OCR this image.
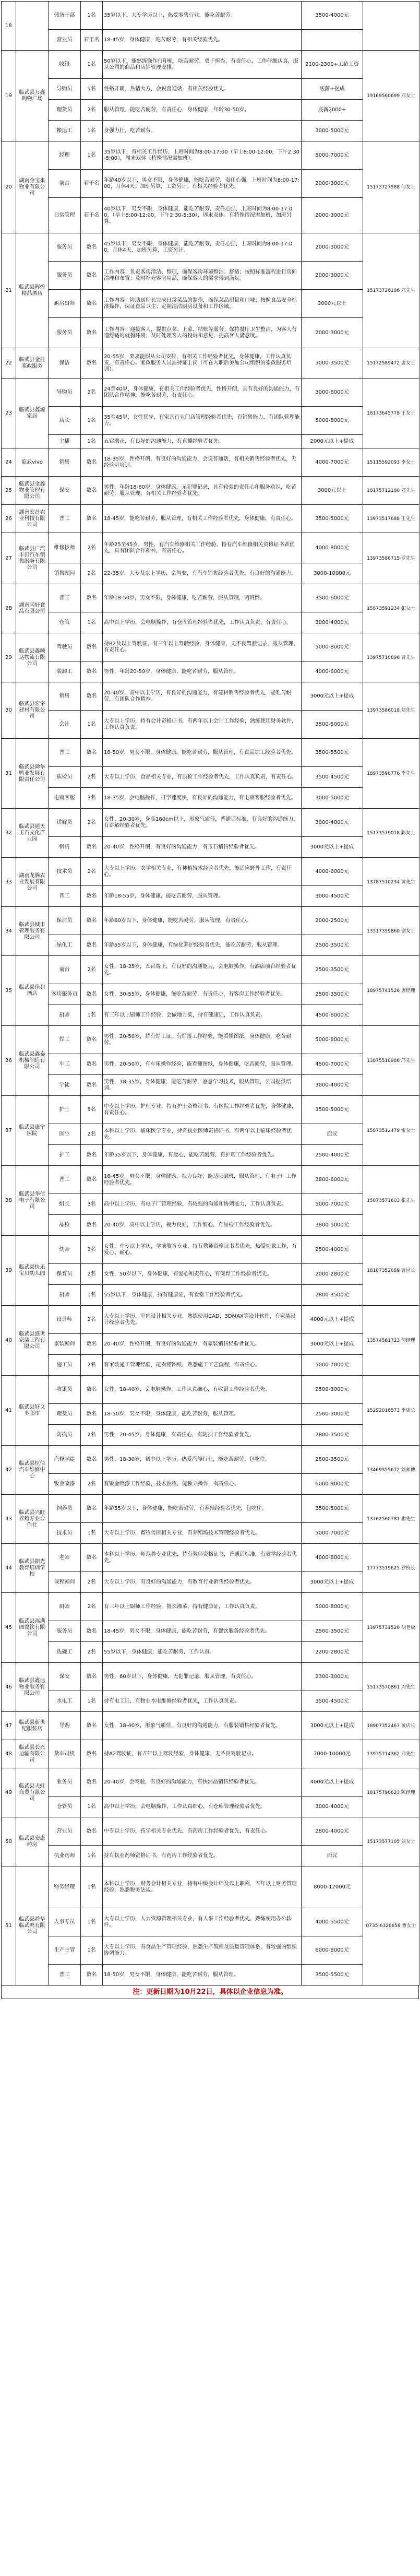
18		储备干部	1名	35岁以下，大专学历以上，热爱零售行业，能吃苦耐劳。	3500-4000元	
		营业员	若干名	18-45岁，身体健康，吃苦耐劳，有相关经验优先。		
19	临武县万鑫购物广场	收银	1名	50岁以下，能熟练操作打印机，吃苦耐劳，勇于担当，有责任心，工作仔细认真，服从公司的商品和店铺管理安排。	2100-2300+工龄工资	19169560699 邓女士
		导购员	5名	性格开朗，热情大方，会说普通话，有相关经验优先。	底薪+提成	
		理货员	2名	服从管理，能吃苦耐劳，有责任心，身体健康，年龄30-50岁。	底薪2000+	
		搬运工	1名	身强力壮，吃苦耐劳。	3000-5000元	
20	湖南金宝来物业有限公司	经理	1名	35岁以下，有相关工作经历，上班时间为8:00-17:00（早上8:00-12:00，下午2:30-5:00），周末双休（特殊情况需加班）。	5000-7000元	15173727588 何女士
		前台	若干名	年龄40岁以下，男女不限，身体健康，能吃苦耐劳，责任心强，上班时间为8:00-17:00，月休4天。加班另算，工资另计。有相关经验者优先。	2000-3000元	
		日常管理	若干名	40岁以下，男女不限，身体健康，能吃苦耐劳，责任心强，上班时间为8:00-17:00，（早上8:00-12:00，下午2:30-5:30），周末双休。有特殊情况需加班，加班另算。	2000-3000元	
21	临武县辉煌精品酒店	服务员	数名	45岁以下，男女不限，身体健康，能吃苦耐劳，责任心强，上班时间为8:00-17:00，月休4天，加班另算，工资另计。	2000-3000元	15173726186 邓先生
		服务员	数名	工作内容：负责客房清洁、整理，确保客房环境整洁、舒适；按照标准流程进行房间清理和布置；及时补充客房用品，确保客人的需求得到满足。	2000-3000元	
		厨房厨师	数名	工作内容：协助厨师长完成日常菜品的制作，确保菜品质量和口味；按照食品安全标准操作，保证食品卫生；定期清洁厨房设备和工作区域。	3000元以上	
		服务员	数名	工作内容：迎接客人，提供点菜、上菜、结账等服务；保持餐厅卫生整洁，为客人营造舒适的就餐环境；及时处理客人的投诉和意见，提高客人满意度。	2000-3000元	
22	临武县金桂家政服务	保洁	数名	20-55岁，要求能服从公司安排，有相关工作经验者优先，身体健康，工作认真负责，有责任心。家政服务人员需持证上岗（可在入职后参加公司组织的家政服务培训）。	3000-3500元	15172589472 唐女士
23	临武县鑫源家居	导购员	2名	24至40岁，身体健康，有相关工作经验者优先，性格开朗，具有良好的沟通能力，有团队合作精神，能吃苦耐劳，有责任心。	3000-6000元	18173645778 王女士
		店长	1名	35至45岁，女性优先，有家具行业门店管理经验者优先，有销售能力，有团队管理能力。	5000-8000元	
		主播	1名	五官端正，有良好的沟通能力，有直播经验者优先。	2000元以上+提成	
24	临武vivo	销售	数名	18-35岁，性格开朗，有良好的沟通能力，会说普通话，有相关销售经验者优先，无经验可培训。	4000-7000元	15115592093 李女士
25	临武县金鑫物业管理有限公司	保安	数名	男性，年龄18-60岁，身体健康，无犯罪记录，具有较强的责任心和服务意识，吃苦耐劳，服从管理，有相关工作经验者优先。	3000元以上	18175712180 邓先生
26	湖南宏昌农业科技有限公司	普工	数名	18-45岁，能吃苦耐劳，服从管理，有相关工作经验者优先，身体健康，有责任心。	3500-5000元	13973517688 王先生
27	临武县广汽丰田汽车销售服务有限公司	维修技师	2名	年龄25至45岁，男性，有汽车维修相关工作经验，持有汽车维修相关资格证书者优先，具有团队合作精神，有责任心。	4000-8000元	13973586715 罗先生
		销售顾问	2名	22-35岁，大专及以上学历，会驾驶，有汽车销售经验者优先，有良好的沟通能力。	3000-10000元	
28	湖南尚好食品有限公司	普工	数名	年龄18-50岁，男女不限，身体健康，吃苦耐劳，服从管理，两班倒。	3500-6000元	15873591234 张女士
		仓管	1名	高中以上学历，会电脑操作，有仓库管理经验者优先，工作认真负责，有责任心。	3000-4000元	
29	临武县鑫顺达物流有限公司	驾驶员	数名	持B2及以上驾驶证，有三年以上驾驶经验，身体健康，无不良驾驶记录，服从管理，有责任心。	5000-8000元	13975710896 曹先生
		装卸工	数名	男性，年龄20-50岁，身体健康，能吃苦耐劳，服从管理。	4000-6000元	
30	临武县宏宇建材有限公司	销售	数名	20-40岁，高中以上学历，有良好的沟通能力，有建材销售经验者优先，能吃苦耐劳，有团队合作精神。	3000元以上+提成	13973586018 刘先生
		会计	1名	大专以上学历，持有会计资格证书，有两年以上会计工作经验，熟练使用财务软件，工作认真负责。	3500-5000元	
31	临武县舜华鸭业发展有限责任公司	普工	数名	18-50岁，男女不限，身体健康，能吃苦耐劳，服从管理，有食品加工经验者优先。	3500-5500元	18973598776 李先生
		质检员	2名	大专以上学历，食品相关专业，有质检工作经验者优先，工作认真负责，有责任心。	3500-4500元	
		电商客服	3名	18-35岁，会电脑操作，打字速度快，有良好的沟通能力，有电商客服经验者优先。	3000-5000元	
32	临武县通天玉石文化产业园	讲解员	2名	女性，20-30岁，身高160cm以上，形象气质佳，普通话标准，有良好的沟通能力，有讲解经验者优先。	3000-4000元	15173579018 陈女士
		销售	数名	20-40岁，性格开朗，有良好的沟通能力，有玉石销售经验者优先。	3000元以上+提成	
33	湖南龙腾农业发展有限公司	技术员	2名	大专以上学历，农学相关专业，有种植技术经验者优先，能适应野外工作，有责任心。	4000-6000元	13787510234 黄先生
		普工	数名	年龄18-55岁，身体健康，能吃苦耐劳，服从管理。	3000-4500元	
34	临武县城市管理服务有限公司	保洁员	数名	年龄60岁以下，身体健康，能吃苦耐劳，服从管理，有责任心。	2000-2500元	13517359860 谢女士
		绿化工	数名	年龄55岁以下，身体健康，有绿化养护经验者优先，能吃苦耐劳，服从管理。	2500-3500元	
35	临武县佳和酒店	前台	2名	女性，18-35岁，五官端正，有良好的沟通能力，会电脑操作，有酒店前台经验者优先。	2500-3500元	18975741526 唐经理
		客房服务员	数名	女性，30-55岁，身体健康，能吃苦耐劳，有责任心，有客房工作经验者优先。	2500-3500元	
		厨师	1名	有三年以上厨师工作经验，会做地方菜，持有健康证，工作认真负责。	4500-6000元	
36	临武县鑫泰机械制造有限公司	焊工	数名	男性，20-50岁，持有焊工证，有焊接工作经验，能看懂图纸，身体健康，吃苦耐劳。	5000-8000元	13875510986 邝先生
		车工	数名	男性，20-50岁，有车床操作经验，能看懂图纸，身体健康，吃苦耐劳，服从管理。	4500-7000元	
		学徒	数名	男性，18-35岁，身体健康，能吃苦耐劳，愿意学习技术，服从管理，公司提供培训。	3000-4000元	
37	临武县康宁医院	护士	5名	中专以上学历，护理专业，持有护士资格证书，有医院工作经验者优先，身体健康，有责任心。	3500-5000元	15873512479 雷女士
		医生	2名	本科以上学历，临床医学专业，持有执业医师资格证书，有两年以上临床经验者优先。	面议	
		护工	数名	年龄55岁以下，身体健康，有爱心，能吃苦耐劳，有护理工作经验者优先。	2500-4000元	
38	临武县华信电子有限公司	普工	数名	18-45岁，男女不限，身体健康，视力良好，能适应倒班，服从管理，有电子厂工作经验者优先。	3800-6000元	15873571603 张先生
		组长	3名	高中以上学历，有电子厂管理经验，有较强的沟通和协调能力，工作认真负责。	5000-7000元	
		品检	数名	20-40岁，高中以上学历，视力良好，工作细心，有品检工作经验者优先。	3800-5000元	
39	临武县快乐宝贝幼儿园	幼师	3名	女性，中专以上学历，学前教育专业，持有教师资格证书者优先，热爱幼教工作，有爱心、耐心。	2500-4000元	18107352689 曹园长
		保育员	2名	女性，50岁以下，身体健康，有爱心和责任心，有保育工作经验者优先。	2000-2800元	
		厨师	1名	55岁以下，身体健康，持有健康证，有食堂工作经验者优先。	2800-3500元	
40	临武县盛世家装工程有限公司	设计师	2名	大专以上学历，室内设计相关专业，熟练使用CAD、3DMAX等设计软件，有家装设计经验者优先。	4000元以上+提成	13574561723 何经理
		家装顾问	数名	20-40岁，性格开朗，有良好的沟通能力，有家装销售经验者优先。	3000元以上+提成	
		施工员	2名	有家装施工管理经验，能看懂图纸，熟悉施工工艺流程，有责任心。	5000-7000元	
41	临武县好又多超市	收银员	数名	女性，18-40岁，会电脑操作，工作认真细心，有收银工作经验者优先。	2500-3000元	15292016573 李店长
		理货员	数名	18-50岁，男女不限，身体健康，能吃苦耐劳，服从管理。	2500-3000元	
		防损员	2名	男性，20-45岁，身体健康，有责任心，有防损工作经验者优先。	2800-3500元	
42	临武县恒信汽车维修中心	汽修学徒	数名	男性，18-30岁，初中以上学历，热爱汽修行业，能吃苦耐劳，包吃住。	2500-3500元	13469355672 刘师傅
		钣金喷漆	2名	有钣金喷漆工作经验，技术熟练，能独立操作，有责任心。	6000-9000元	
43	临武县兴旺养殖专业合作社	饲养员	数名	年龄55岁以下，身体健康，能吃苦耐劳，有养殖经验者优先，包吃住。	3500-5000元	13762560781 廖先生
		技术员	1名	大专以上学历，畜牧兽医相关专业，有养殖场技术管理经验者优先。	5000-7000元	
44	临武县阳光教育培训学校	老师	数名	本科以上学历，师范类专业优先，持有教师资格证书，普通话标准，有教学经验者优先。	4000-8000元	17773519625 罗校长
		课程顾问	2名	大专以上学历，有良好的沟通能力，有教育行业销售经验者优先。	3000元以上+提成	
45	临武县福满园餐饮有限公司	厨师	2名	有三年以上厨师工作经验，擅长湘菜，持有健康证，工作认真负责。	5000-8000元	13975731520 胡老板
		服务员	数名	18-45岁，男女不限，身体健康，能吃苦耐劳，有餐饮服务经验者优先。	2500-3500元	
		洗碗工	2名	55岁以下，身体健康，能吃苦耐劳，工作认真。	2200-2800元	
46	临武县鑫达物业服务有限公司	保安	数名	男性，60岁以下，身体健康，无犯罪记录，服从管理，有责任心。	2300-3000元	15173570861 周先生
		水电工	1名	持有电工证，有物业水电维修经验者优先，工作认真负责。	3500-4500元	
47	临武县新世纪服装店	导购	数名	女性，18-40岁，形象气质佳，有良好的沟通能力，有服装销售经验者优先。	3000元以上+提成	18907352467 黄店长
48	临武县长兴运输有限公司	货车司机	数名	持A2驾驶证，有五年以上驾驶经验，身体健康，无不良驾驶记录。	7000-10000元	13975714362 邓先生
49	临武县天虹商贸有限公司	业务员	数名	20-40岁，会驾驶，有良好的沟通能力，有快消品销售经验者优先。	4000元以上+提成	18175790623 陈经理
		仓管员	1名	高中以上学历，会电脑操作，工作认真细心，有仓库管理经验者优先。	3000-4000元	
50	临武县安康药房	营业员	数名	中专以上学历，药学相关专业优先，有药房工作经验者优先，有责任心。	2800-4000元	15173577105 刘女士
		执业药师	1名	持有执业药师资格证书，有药房工作经验者优先。	面议	
51	临武县舜华临武鸭有限公司	财务经理	1名	本科以上学历，财务会计相关专业，持有中级会计师及以上职称，五年以上财务管理经验，熟悉税务法规。	8000-12000元	0735-6326658 曹女士
		人事专员	1名	大专以上学历，人力资源管理相关专业，有人事工作经验者优先，熟练使用办公软件。	4000-5500元	
		生产主管	1名	大专以上学历，有食品生产管理经验，熟悉生产流程及质量管理体系，有较强的组织协调能力。	6000-8000元	
		普工	数名	18-50岁，男女不限，身体健康，能吃苦耐劳，服从管理。	3500-5500元	
注：更新日期为10月22日，具体以企业信息为准。
